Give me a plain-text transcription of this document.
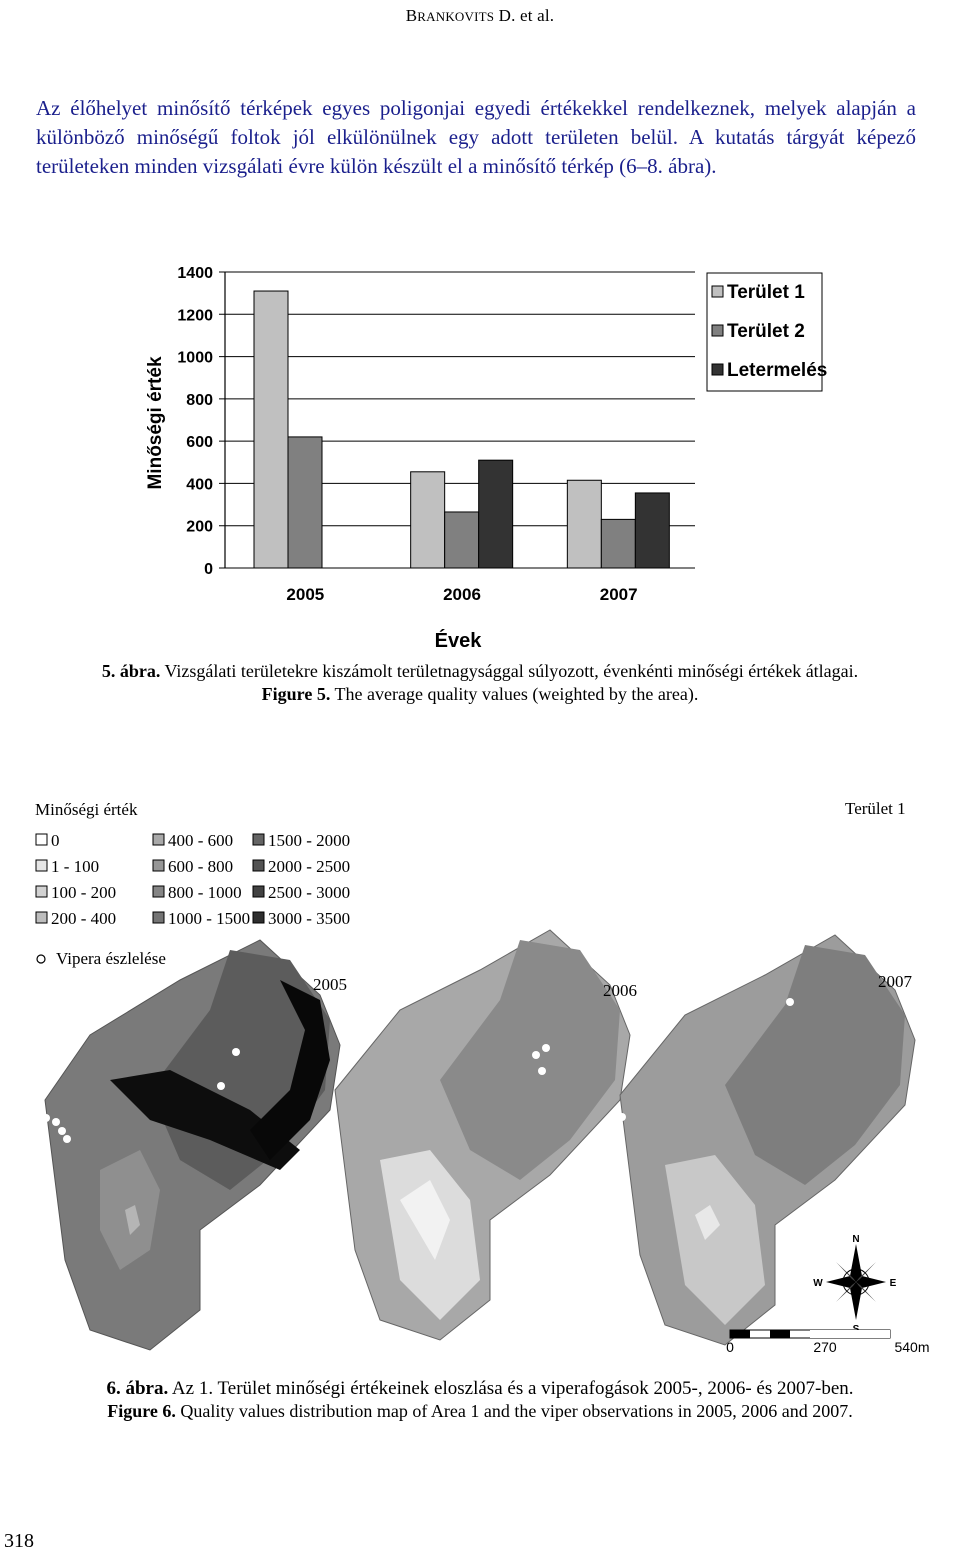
BRANKOVITS D. et al.

Az élőhelyet minősítő térképek egyes poligonjai egyedi értékekkel rendelkeznek, melyek alapján a különböző minőségű foltok jól elkülönülnek egy adott területen belül. A kutatás tárgyát képező területeken minden vizsgálati évre külön készült el a minősítő térkép (6–8. ábra).

0
200
400
600
800
1000
1200
1400
2005	2006	2007
Minőségi érték
Évek
Terület 1
Terület 2
Letermelés
5. ábra. Vizsgálati területekre kiszámolt területnagysággal súlyozott, évenkénti minőségi értékek átlagai.
Figure 5. The average quality values (weighted by the area).
Minőségi érték
0
1 - 100
100 - 200
200 - 400
400 - 600
600 - 800
800 - 1000
1000 - 1500
1500 - 2000
2000 - 2500
2500 - 3000
3000 - 3500
Vipera észlelése
Terület 1
2005	2006	2007
N
W	E
0	270	540m
6. ábra. Az 1. Terület minőségi értékeinek eloszlása és a viperafogások 2005-, 2006- és 2007-ben.
Figure 6. Quality values distribution map of Area 1 and the viper observations in 2005, 2006 and 2007.
318
